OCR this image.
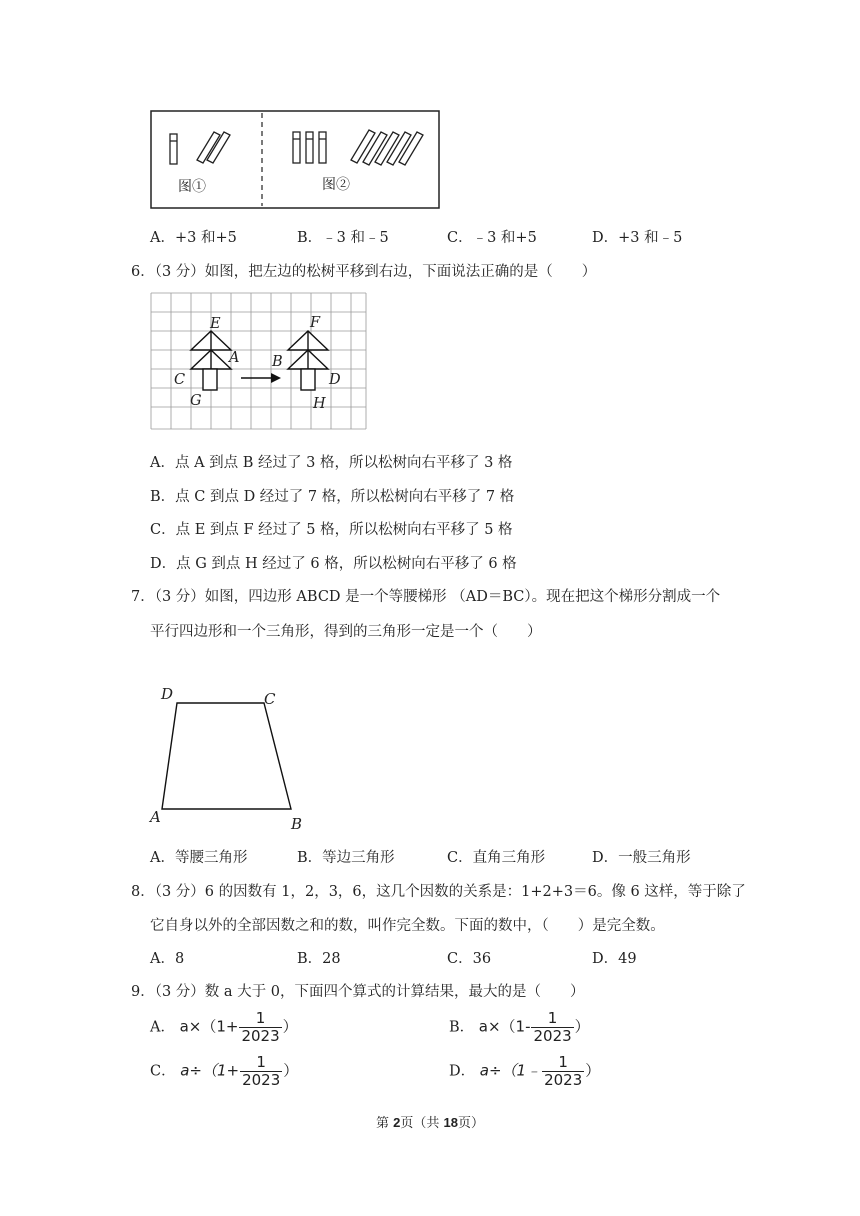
图①	图②
A．+3 和+5	B．﹣3 和﹣5	C．﹣3 和+5	D．+3 和﹣5
6．（3 分）如图，把左边的松树平移到右边，下面说法正确的是（　　）
E	F
A B
C	D
G	H
A．点 A 到点 B 经过了 3 格，所以松树向右平移了 3 格
B．点 C 到点 D 经过了 7 格，所以松树向右平移了 7 格
C．点 E 到点 F 经过了 5 格，所以松树向右平移了 5 格
D．点 G 到点 H 经过了 6 格，所以松树向右平移了 6 格
7．（3 分）如图，四边形 ABCD 是一个等腰梯形 （AD＝BC）。现在把这个梯形分割成一个
平行四边形和一个三角形，得到的三角形一定是一个（　　）
D	C
A	B
A．等腰三角形	B．等边三角形	C．直角三角形	D．一般三角形
8．（3 分）6 的因数有 1，2，3，6，这几个因数的关系是：1+2+3＝6。像 6 这样，等于除了
它自身以外的全部因数之和的数，叫作完全数。下面的数中，（　　）是完全数。
A．8	B．28	C．36	D．49
9．（3 分）数 a 大于 0，下面四个算式的计算结果，最大的是（　　）
A． $a\times(1+ \frac{1}{2023}$ ）	B． $a\times(1- \frac{1}{2023}$ ）
C． $a\div(1+ \frac{1}{2023}$ ）	D． a÷（1﹣ $\frac{1}{2023}$ ）
第 2页（共 18页）
